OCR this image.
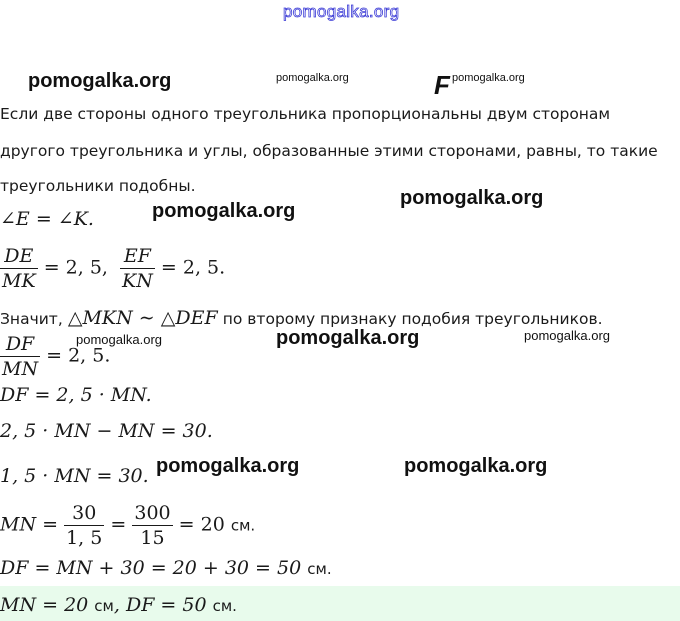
pomogalka.org
pomogalka.org	pomogalka.org	F pomogalka.org
Если две стороны одного треугольника пропорциональны двум сторонам
другого треугольника и углы, образованные этими сторонами, равны, то такие
треугольники подобны.
∠E = ∠K.	pomogalka.org
pomogalka.org
$\frac{DE}{MK} = 2$, 5, $\frac{EF}{KN} = 2$, 5.
Значит, △MKN ∼ △DEF по второму признаку подобия треугольников.
$\frac{DF}{MN} = 2$, 5.
pomogalka.org	pomogalka.org	pomogalka.org
DF = 2, 5 · MN.
2, 5 · MN − MN = 30.
1, 5 · MN = 30. pomogalka.org	pomogalka.org
MN = $\frac{30}{1, 5} = \frac{300}{15} = 20$ см.
DF = MN + 30 = 20 + 30 = 50 см.
MN = 20 см, DF = 50 см.
